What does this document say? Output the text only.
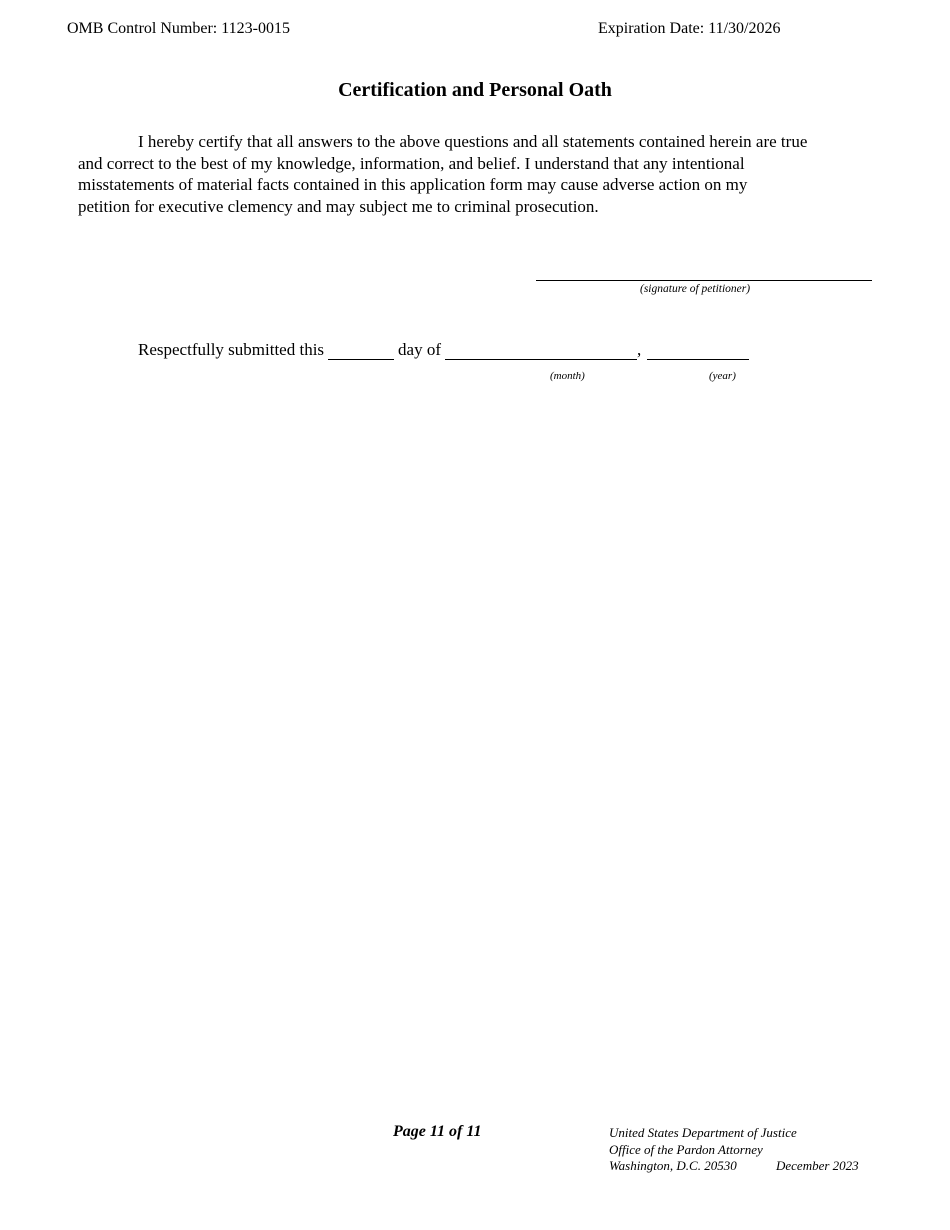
OMB Control Number: 1123-0015	Expiration Date: 11/30/2026
Certification and Personal Oath
I hereby certify that all answers to the above questions and all statements contained herein are true
and correct to the best of my knowledge, information, and belief. I understand that any intentional
misstatements of material facts contained in this application form may cause adverse action on my
petition for executive clemency and may subject me to criminal prosecution.
(signature of petitioner)
Respectfully submitted this	day of	,
(month)	(year)
Page 11 of 11	United States Department of Justice
Office of the Pardon Attorney
Washington, D.C. 20530	December 2023
